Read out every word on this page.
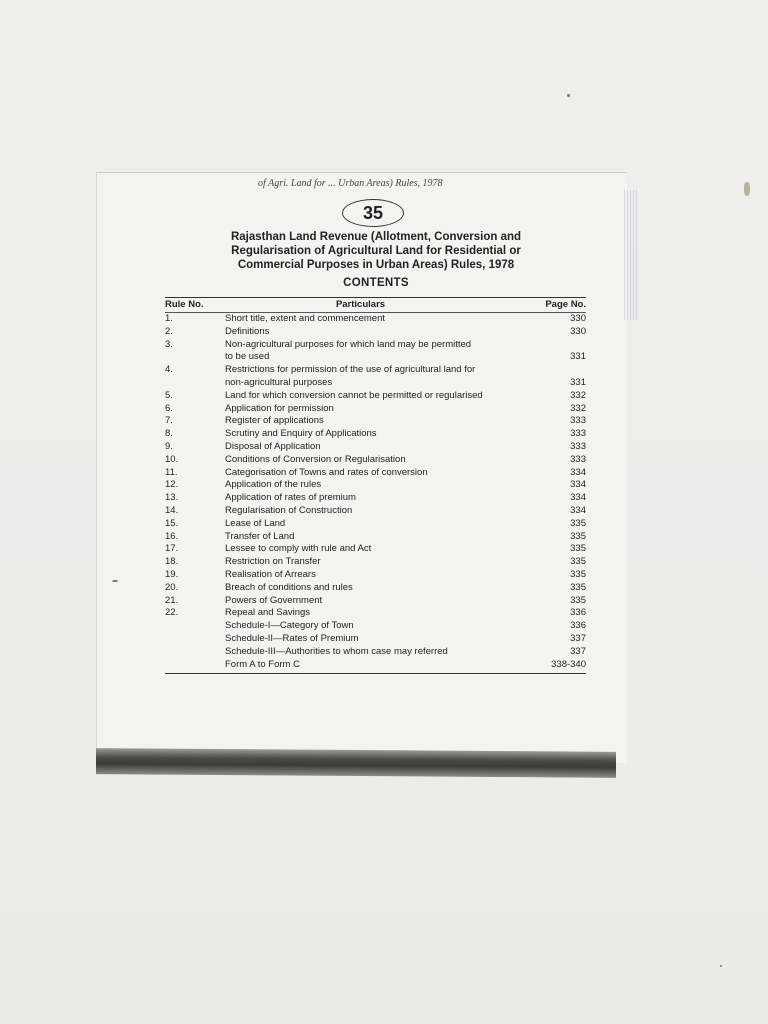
of Agri. Land for ... Urban Areas) Rules, 1978
35
Rajasthan Land Revenue (Allotment, Conversion and
Regularisation of Agricultural Land for Residential or
Commercial Purposes in Urban Areas) Rules, 1978
CONTENTS
Rule No.	Particulars	Page No.
1.	Short title, extent and commencement	330
2.	Definitions	330
3.	Non-agricultural purposes for which land may be permitted
to be used	331
4.	Restrictions for permission of the use of agricultural land for
non-agricultural purposes	331
5.	Land for which conversion cannot be permitted or regularised	332
6.	Application for permission	332
7.	Register of applications	333
8.	Scrutiny and Enquiry of Applications	333
9.	Disposal of Application	333
10.	Conditions of Conversion or Regularisation	333
11.	Categorisation of Towns and rates of conversion	334
12.	Application of the rules	334
13.	Application of rates of premium	334
14.	Regularisation of Construction	334
15.	Lease of Land	335
16.	Transfer of Land	335
17.	Lessee to comply with rule and Act	335
18.	Restriction on Transfer	335
19.	Realisation of Arrears	335
20.	Breach of conditions and rules	335
21.	Powers of Government	335
22.	Repeal and Savings	336
Schedule-I—Category of Town	336
Schedule-II—Rates of Premium	337
Schedule-III—Authorities to whom case may referred	337
Form A to Form C	338-340
